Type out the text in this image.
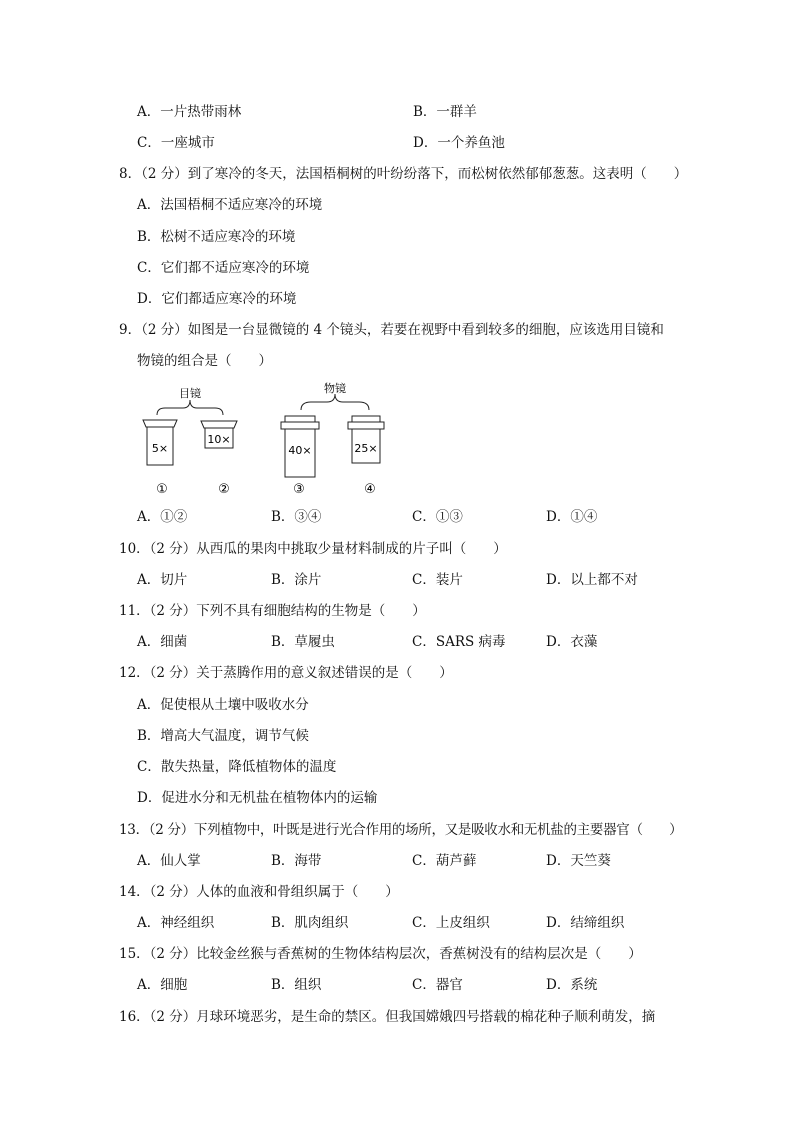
A．一片热带雨林	B．一群羊
C．一座城市	D．一个养鱼池
8．（2 分）到了寒冷的冬天，法国梧桐树的叶纷纷落下，而松树依然郁郁葱葱。这表明（　　）
A．法国梧桐不适应寒冷的环境
B．松树不适应寒冷的环境
C．它们都不适应寒冷的环境
D．它们都适应寒冷的环境
9．（2 分）如图是一台显微镜的 4 个镜头，若要在视野中看到较多的细胞，应该选用目镜和
物镜的组合是（　　）
目镜	物镜
5×
10×
40×	25×
①	②	③	④
A．①②	B．③④	C．①③	D．①④
10．（2 分）从西瓜的果肉中挑取少量材料制成的片子叫（　　）
A．切片	B．涂片	C．装片	D．以上都不对
11．（2 分）下列不具有细胞结构的生物是（　　）
A．细菌	B．草履虫	C．SARS 病毒	D．衣藻
12．（2 分）关于蒸腾作用的意义叙述错误的是（　　）
A．促使根从土壤中吸收水分
B．增高大气温度，调节气候
C．散失热量，降低植物体的温度
D．促进水分和无机盐在植物体内的运输
13．（2 分）下列植物中，叶既是进行光合作用的场所，又是吸收水和无机盐的主要器官（　　）
A．仙人掌	B．海带	C．葫芦藓	D．天竺葵
14．（2 分）人体的血液和骨组织属于（　　）
A．神经组织	B．肌肉组织	C．上皮组织	D．结缔组织
15．（2 分）比较金丝猴与香蕉树的生物体结构层次，香蕉树没有的结构层次是（　　）
A．细胞	B．组织	C．器官	D．系统
16．（2 分）月球环境恶劣，是生命的禁区。但我国嫦娥四号搭载的棉花种子顺利萌发，摘
